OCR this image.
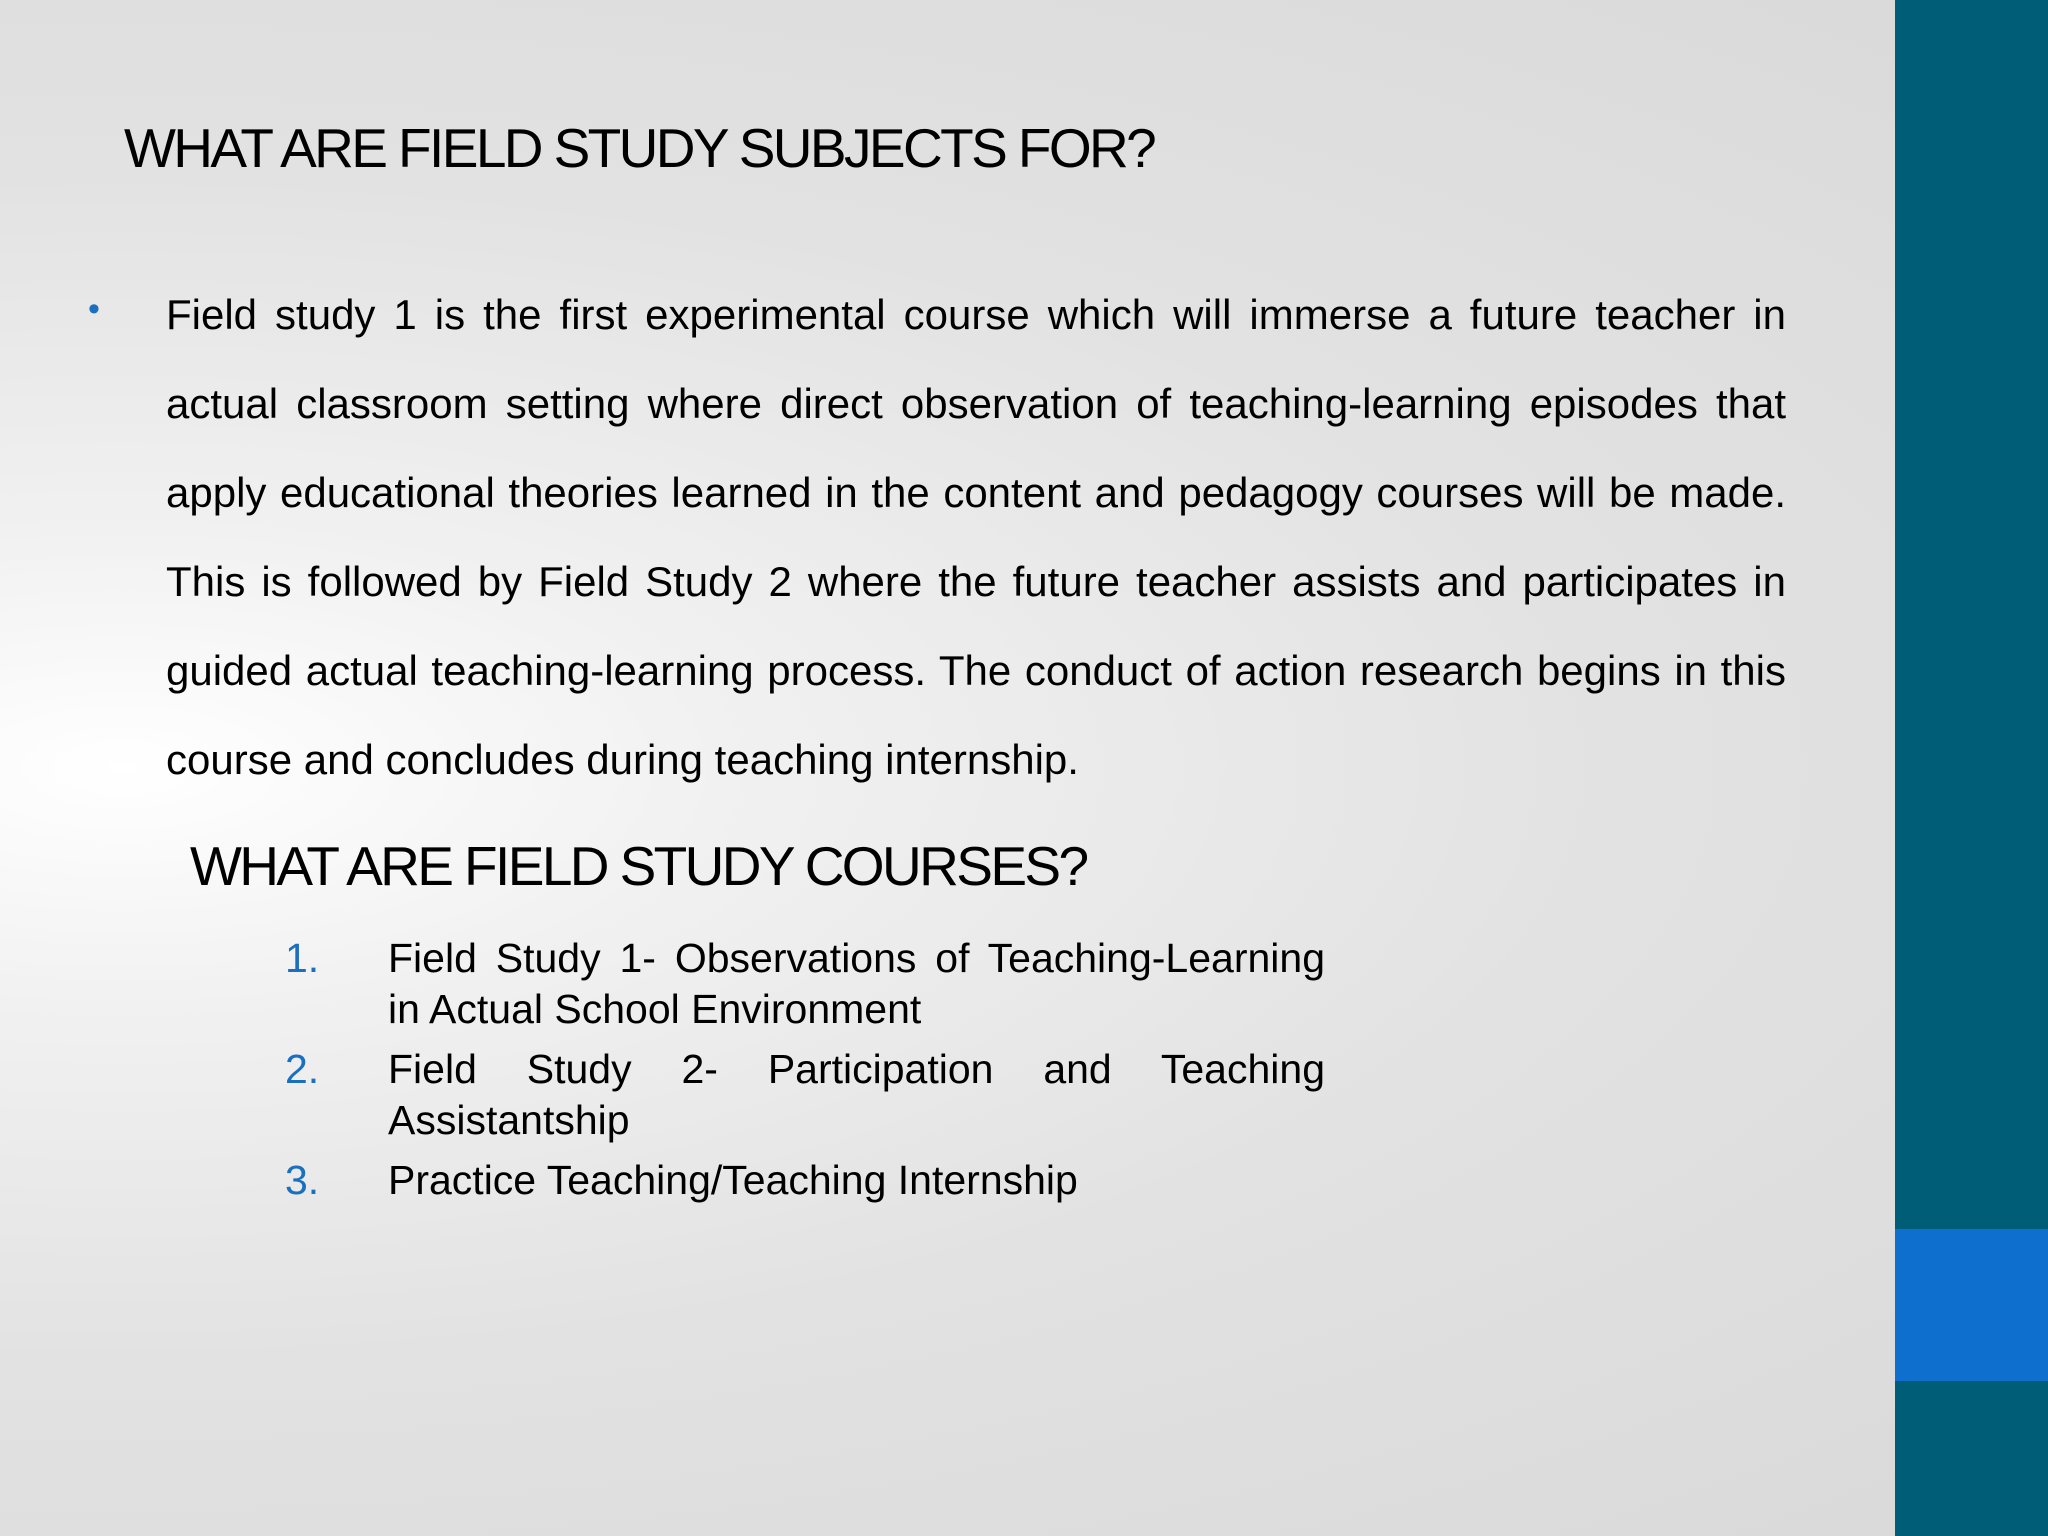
WHAT ARE FIELD STUDY SUBJECTS FOR?
• Field study 1 is the first experimental course which will immerse a future teacher in actual classroom setting where direct observation of teaching-learning episodes that apply educational theories learned in the content and pedagogy courses will be made. This is followed by Field Study 2 where the future teacher assists and participates in guided actual teaching-learning process. The conduct of action research begins in this course and concludes during teaching internship.

WHAT ARE FIELD STUDY COURSES?
1. Field Study 1- Observations of Teaching-Learning in Actual School Environment
2. Field Study 2- Participation and Teaching Assistantship
3. Practice Teaching/Teaching Internship
